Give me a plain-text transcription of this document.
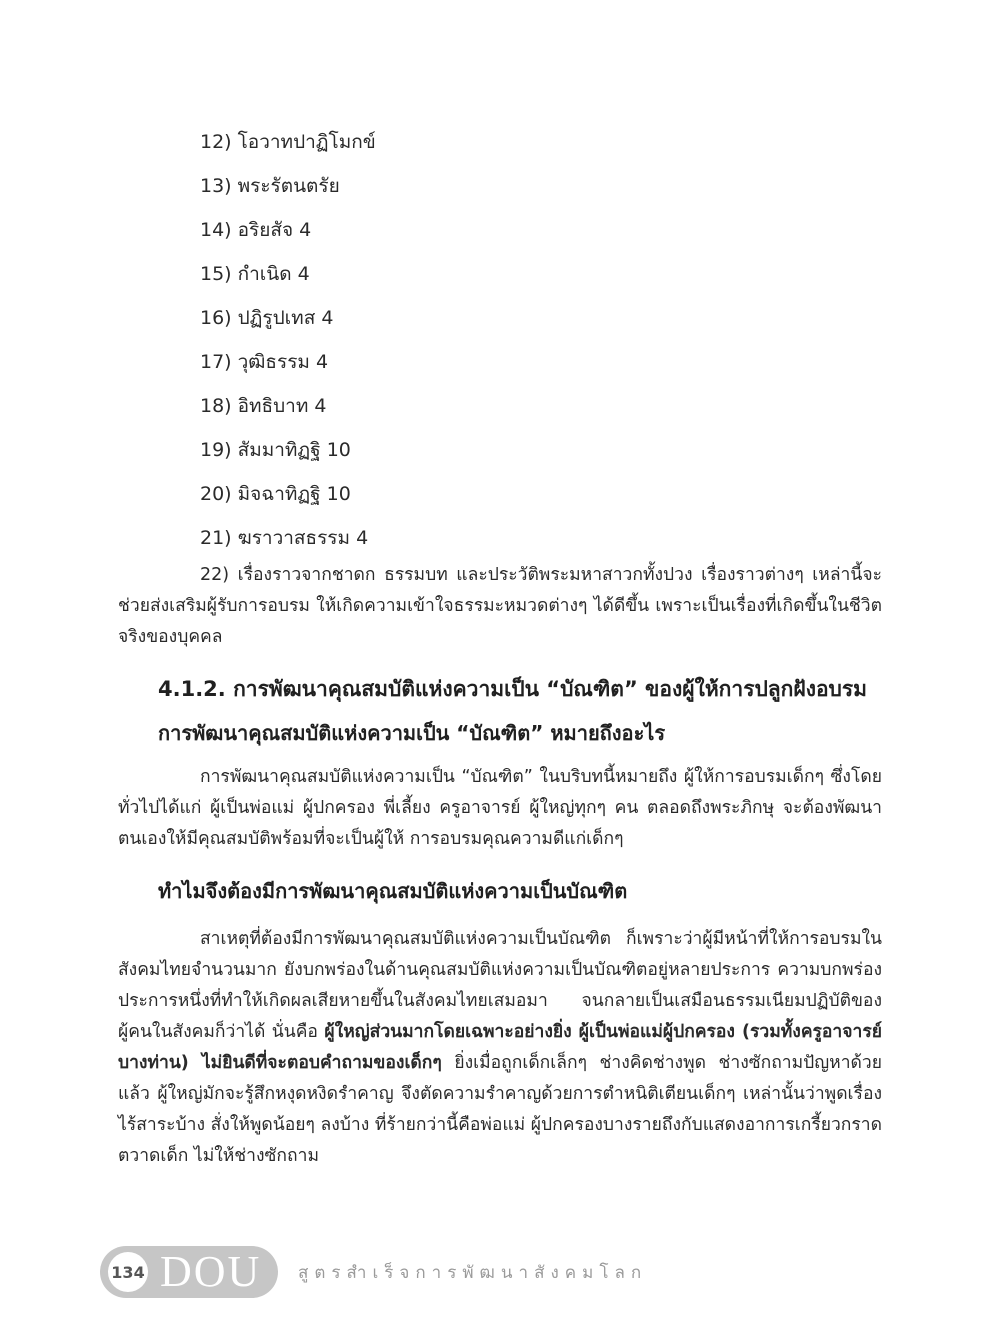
12) โอวาทปาฏิโมกข์
13) พระรัตนตรัย
14) อริยสัจ 4
15) กำเนิด 4
16) ปฏิรูปเทส 4
17) วุฒิธรรม 4
18) อิทธิบาท 4
19) สัมมาทิฏฐิ 10
20) มิจฉาทิฏฐิ 10
21) ฆราวาสธรรม 4

22) เรื่องราวจากชาดก ธรรมบท และประวัติพระมหาสาวกทั้งปวง เรื่องราวต่างๆ เหล่านี้จะช่วยส่งเสริมผู้รับการอบรม ให้เกิดความเข้าใจธรรมะหมวดต่างๆ ได้ดีขึ้น เพราะเป็นเรื่องที่เกิดขึ้นในชีวิตจริงของบุคคล

4.1.2. การพัฒนาคุณสมบัติแห่งความเป็น “บัณฑิต” ของผู้ให้การปลูกฝังอบรม
การพัฒนาคุณสมบัติแห่งความเป็น “บัณฑิต” หมายถึงอะไร

การพัฒนาคุณสมบัติแห่งความเป็น “บัณฑิต” ในบริบทนี้หมายถึง ผู้ให้การอบรมเด็กๆ ซึ่งโดยทั่วไปได้แก่ ผู้เป็นพ่อแม่ ผู้ปกครอง พี่เลี้ยง ครูอาจารย์ ผู้ใหญ่ทุกๆ คน ตลอดถึงพระภิกษุ จะต้องพัฒนาตนเองให้มีคุณสมบัติพร้อมที่จะเป็นผู้ให้ การอบรมคุณความดีแก่เด็กๆ

ทำไมจึงต้องมีการพัฒนาคุณสมบัติแห่งความเป็นบัณฑิต

สาเหตุที่ต้องมีการพัฒนาคุณสมบัติแห่งความเป็นบัณฑิต ก็เพราะว่าผู้มีหน้าที่ให้การอบรมในสังคมไทยจำนวนมาก ยังบกพร่องในด้านคุณสมบัติแห่งความเป็นบัณฑิตอยู่หลายประการ ความบกพร่องประการหนึ่งที่ทำให้เกิดผลเสียหายขึ้นในสังคมไทยเสมอมา จนกลายเป็นเสมือนธรรมเนียมปฏิบัติของผู้คนในสังคมก็ว่าได้ นั่นคือ ผู้ใหญ่ส่วนมากโดยเฉพาะอย่างยิ่ง ผู้เป็นพ่อแม่ผู้ปกครอง (รวมทั้งครูอาจารย์บางท่าน) ไม่ยินดีที่จะตอบคำถามของเด็กๆ ยิ่งเมื่อถูกเด็กเล็กๆ ช่างคิดช่างพูด ช่างซักถามปัญหาด้วยแล้ว ผู้ใหญ่มักจะรู้สึกหงุดหงิดรำคาญ จึงตัดความรำคาญด้วยการตำหนิติเตียนเด็กๆ เหล่านั้นว่าพูดเรื่องไร้สาระบ้าง สั่งให้พูดน้อยๆ ลงบ้าง ที่ร้ายกว่านี้คือพ่อแม่ ผู้ปกครองบางรายถึงกับแสดงอาการเกรี้ยวกราดตวาดเด็ก ไม่ให้ช่างซักถาม

134 DOU สูตรสำเร็จการพัฒนาสังคมโลก
